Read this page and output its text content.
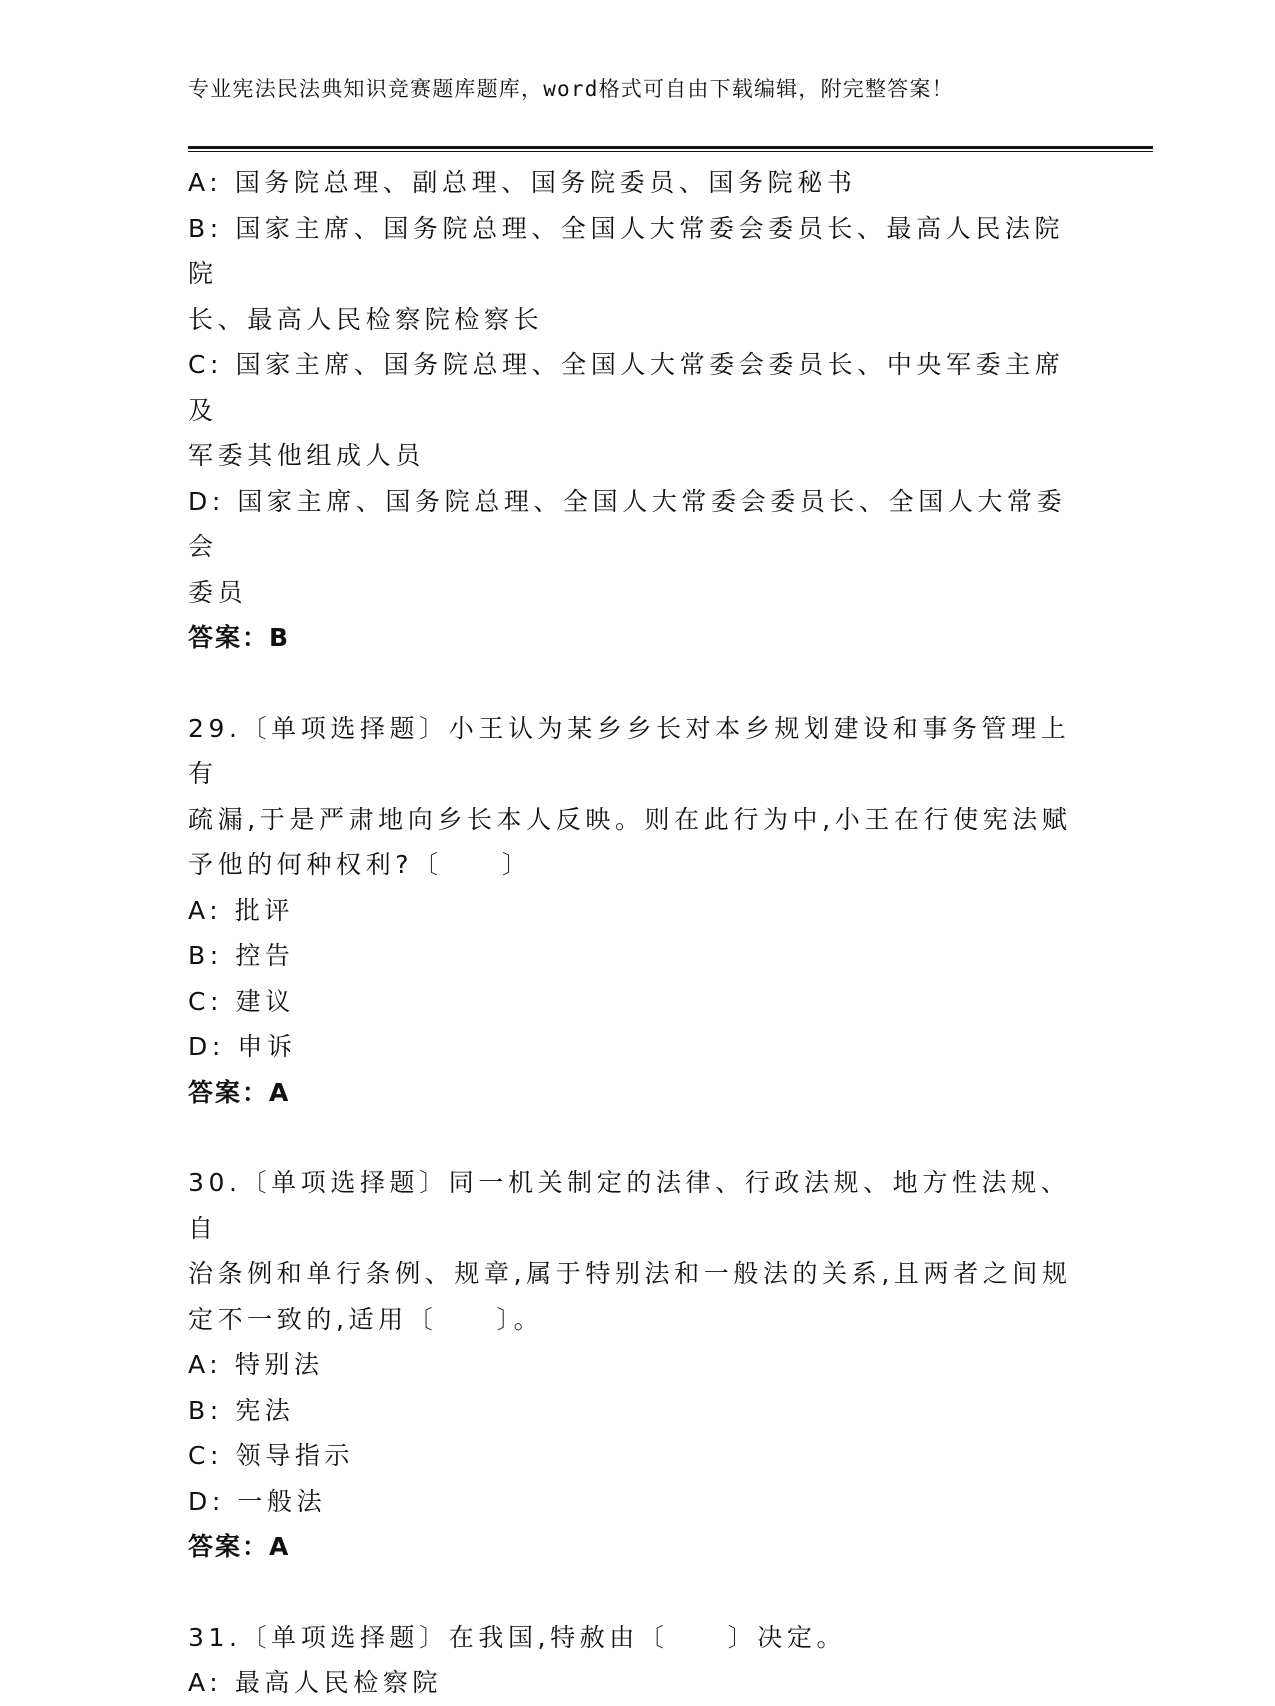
专业宪法民法典知识竞赛题库题库，word格式可自由下载编辑，附完整答案！

A: 国务院总理、副总理、国务院委员、国务院秘书

B: 国家主席、国务院总理、全国人大常委会委员长、最高人民法院院

长、最高人民检察院检察长

C: 国家主席、国务院总理、全国人大常委会委员长、中央军委主席及

军委其他组成人员

D: 国家主席、国务院总理、全国人大常委会委员长、全国人大常委会

委员

答案：B

29.〔单项选择题〕小王认为某乡乡长对本乡规划建设和事务管理上有

疏漏,于是严肃地向乡长本人反映。则在此行为中,小王在行使宪法赋

予他的何种权利?〔　　〕

A: 批评

B: 控告

C: 建议

D: 申诉

答案：A

30.〔单项选择题〕同一机关制定的法律、行政法规、地方性法规、自

治条例和单行条例、规章,属于特别法和一般法的关系,且两者之间规

定不一致的,适用〔　　〕。

A: 特别法

B: 宪法

C: 领导指示

D: 一般法

答案：A

31.〔单项选择题〕在我国,特赦由〔　　〕决定。

A: 最高人民检察院
